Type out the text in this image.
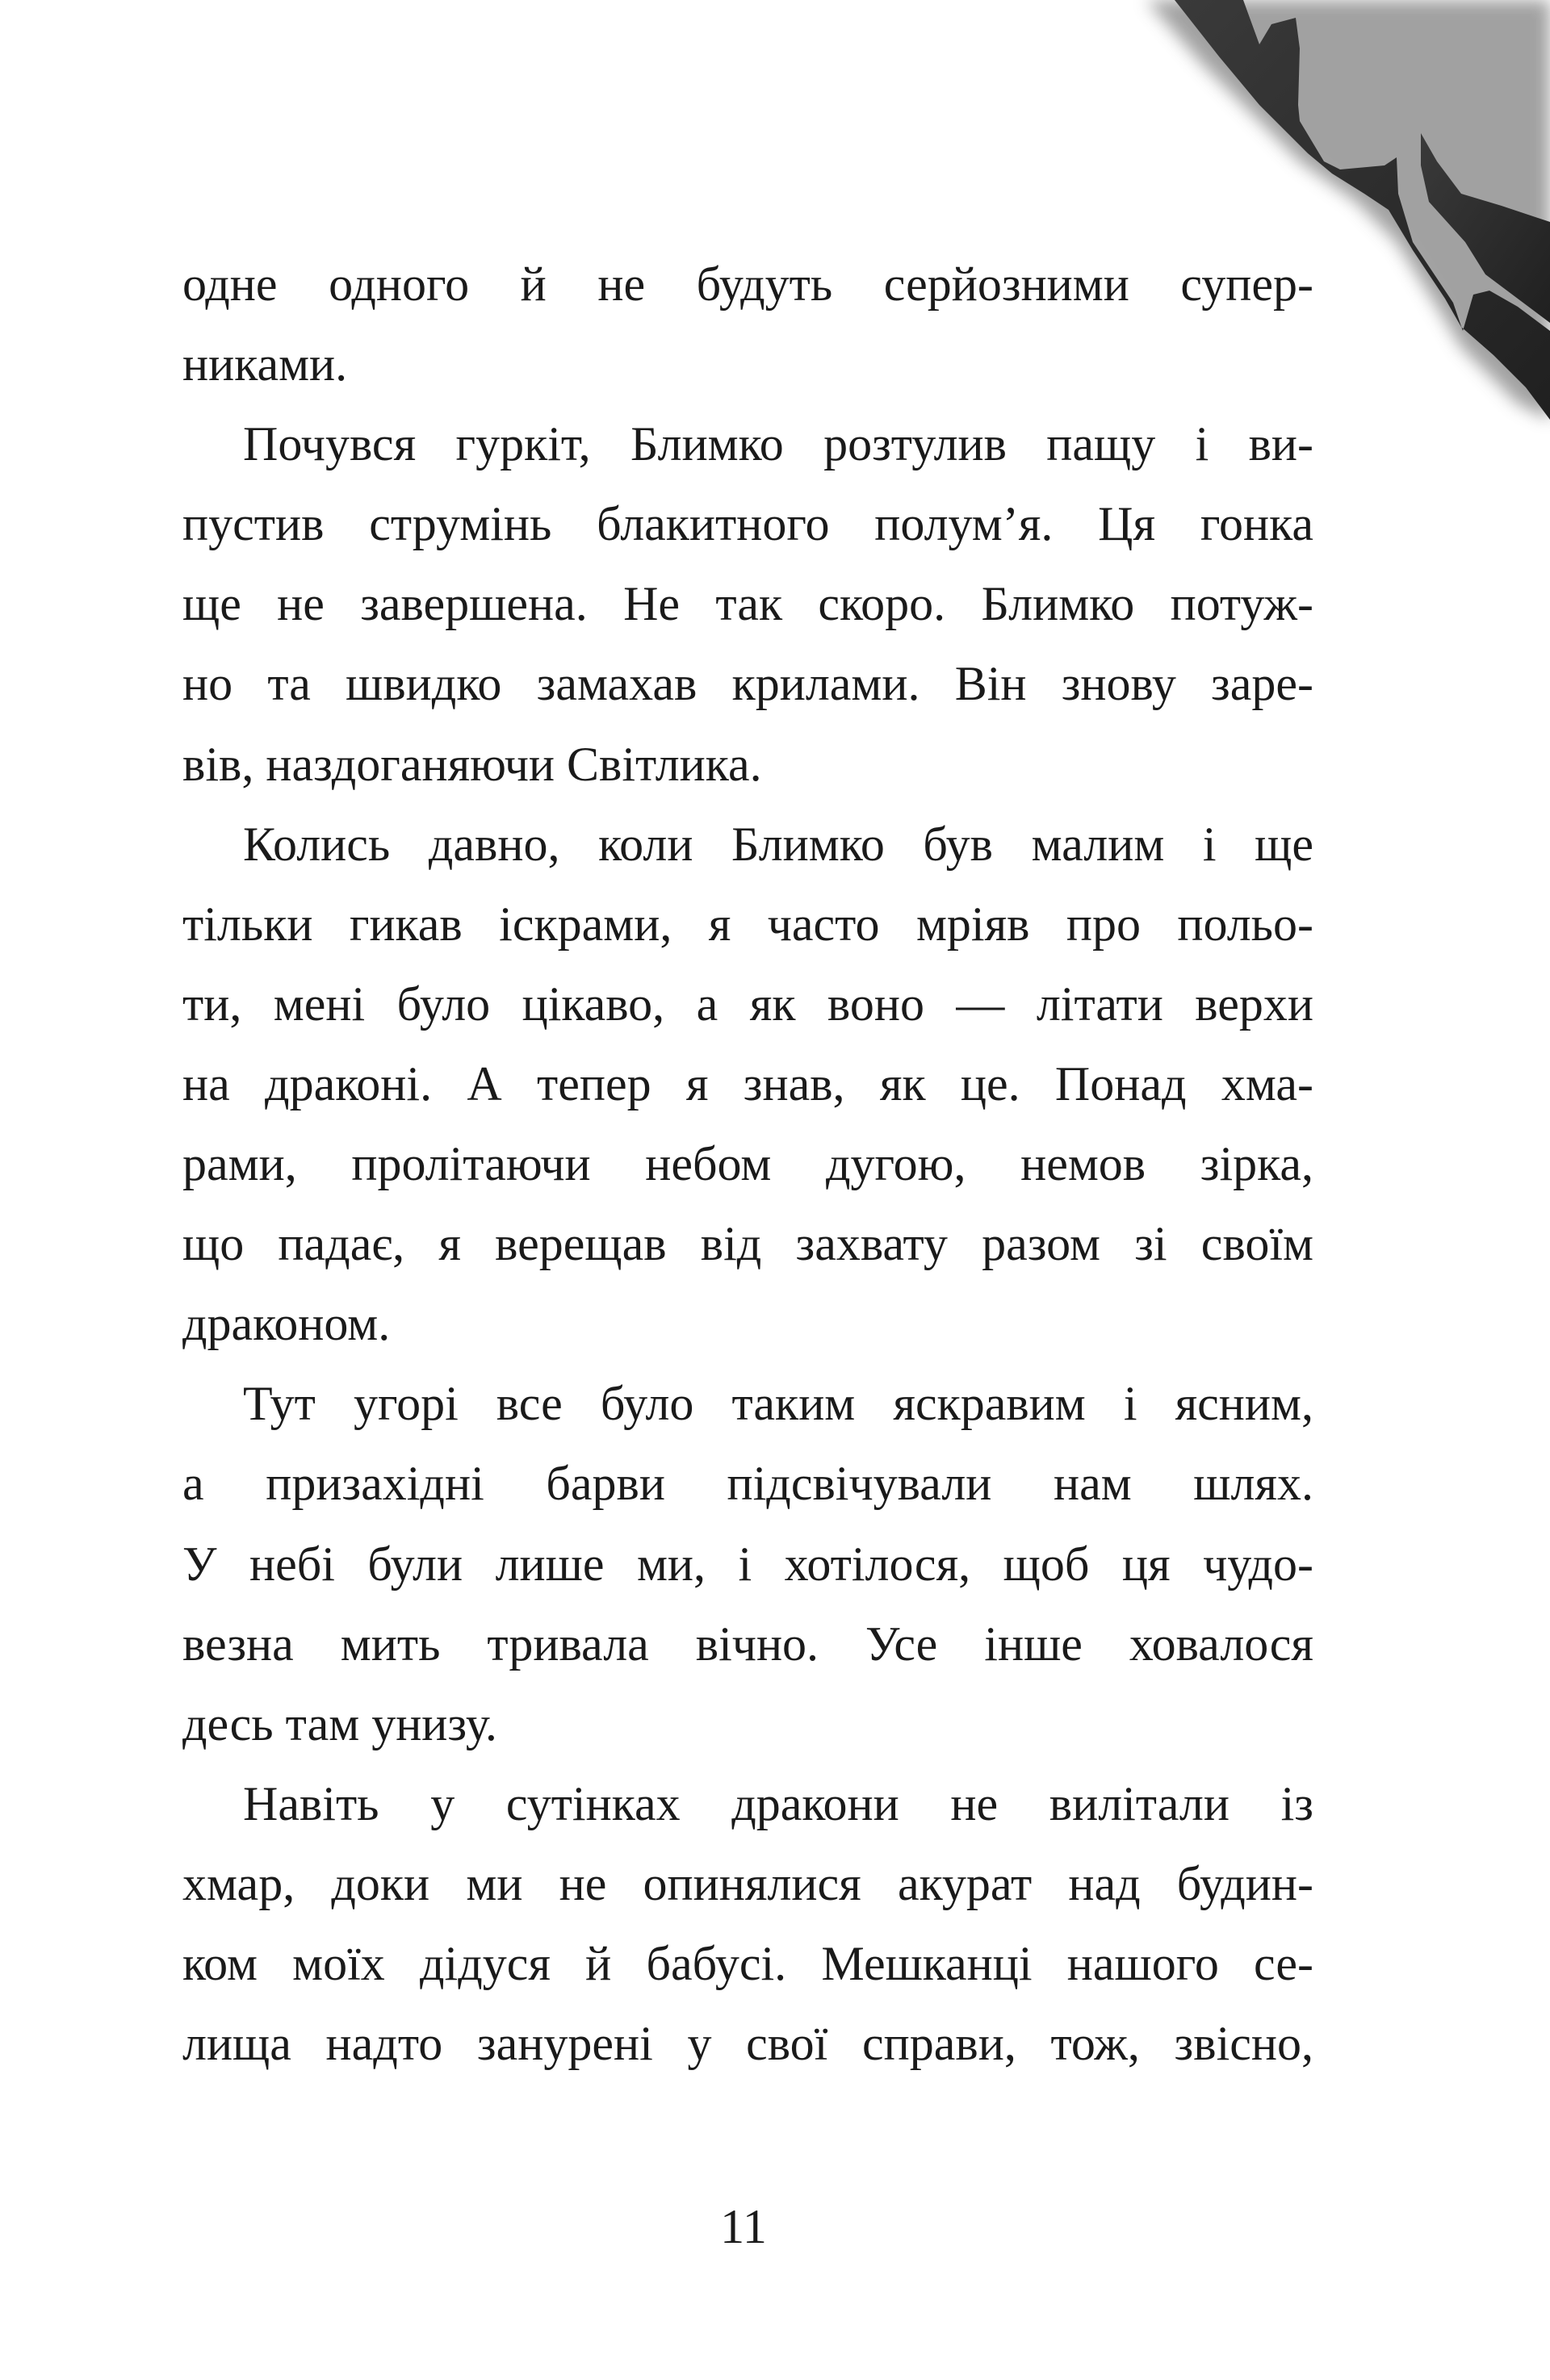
одне одного й не будуть серйозними супер-
никами.
Почувся гуркіт, Блимко розтулив пащу і ви-
пустив струмінь блакитного полум’я. Ця гонка
ще не завершена. Не так скоро. Блимко потуж-
но та швидко замахав крилами. Він знову заре-
вів, наздоганяючи Світлика.
Колись давно, коли Блимко був малим і ще
тільки гикав іскрами, я часто мріяв про польо-
ти, мені було цікаво, а як воно — літати верхи
на драконі. А тепер я знав, як це. Понад хма-
рами, пролітаючи небом дугою, немов зірка,
що падає, я верещав від захвату разом зі своїм
драконом.
Тут угорі все було таким яскравим і ясним,
а призахідні барви підсвічували нам шлях.
У небі були лише ми, і хотілося, щоб ця чудо-
везна мить тривала вічно. Усе інше ховалося
десь там унизу.
Навіть у сутінках дракони не вилітали із
хмар, доки ми не опинялися акурат над будин-
ком моїх дідуся й бабусі. Мешканці нашого се-
лища надто занурені у свої справи, тож, звісно,
11
